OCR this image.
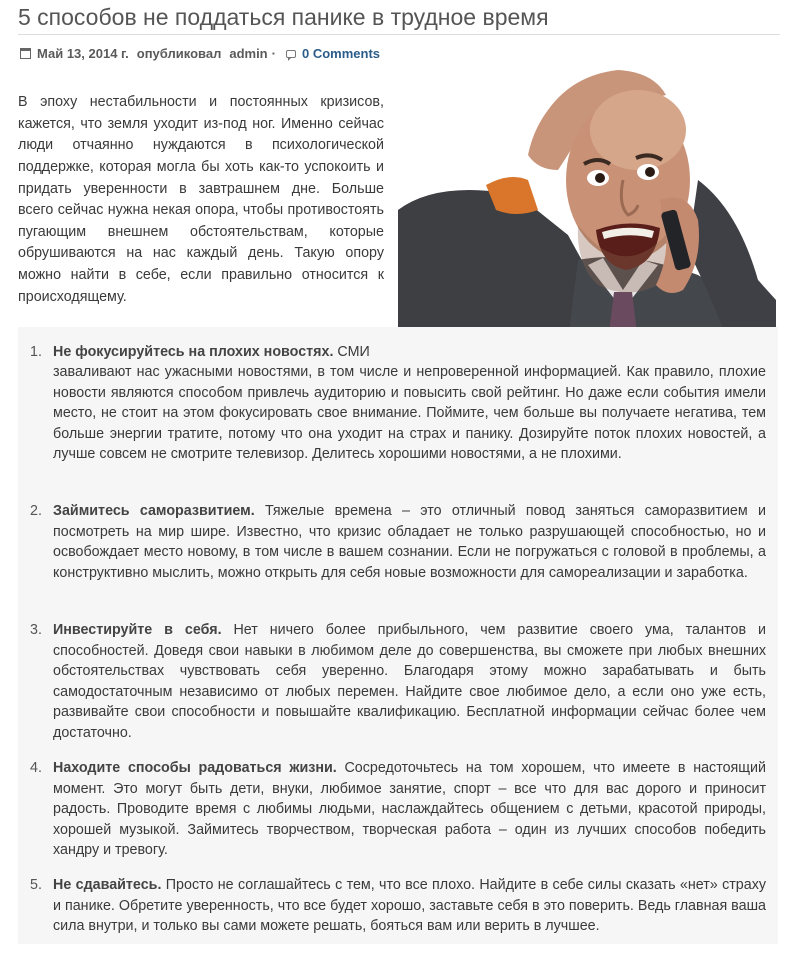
5 способов не поддаться панике в трудное время
Май 13, 2014 г. опубликовал admin · 0 Comments

В эпоху нестабильности и постоянных кризисов, кажется, что земля уходит из-под ног. Именно сейчас люди отчаянно нуждаются в психологической поддержке, которая могла бы хоть как-то успокоить и придать уверенности в завтрашнем дне. Больше всего сейчас нужна некая опора, чтобы противостоять пугающим внешнем обстоятельствам, которые обрушиваются на нас каждый день. Такую опору можно найти в себе, если правильно относится к происходящему.

1. Не фокусируйтесь на плохих новостях. СМИ
заваливают нас ужасными новостями, в том числе и непроверенной информацией. Как правило, плохие новости являются способом привлечь аудиторию и повысить свой рейтинг. Но даже если события имели место, не стоит на этом фокусировать свое внимание. Поймите, чем больше вы получаете негатива, тем больше энергии тратите, потому что она уходит на страх и панику. Дозируйте поток плохих новостей, а лучше совсем не смотрите телевизор. Делитесь хорошими новостями, а не плохими.
2. Займитесь саморазвитием. Тяжелые времена – это отличный повод заняться саморазвитием и посмотреть на мир шире. Известно, что кризис обладает не только разрушающей способностью, но и освобождает место новому, в том числе в вашем сознании. Если не погружаться с головой в проблемы, а конструктивно мыслить, можно открыть для себя новые возможности для самореализации и заработка.
3. Инвестируйте в себя. Нет ничего более прибыльного, чем развитие своего ума, талантов и способностей. Доведя свои навыки в любимом деле до совершенства, вы сможете при любых внешних обстоятельствах чувствовать себя уверенно. Благодаря этому можно зарабатывать и быть самодостаточным независимо от любых перемен. Найдите свое любимое дело, а если оно уже есть, развивайте свои способности и повышайте квалификацию. Бесплатной информации сейчас более чем достаточно.
4. Находите способы радоваться жизни. Сосредоточьтесь на том хорошем, что имеете в настоящий момент. Это могут быть дети, внуки, любимое занятие, спорт – все что для вас дорого и приносит радость. Проводите время с любимы людьми, наслаждайтесь общением с детьми, красотой природы, хорошей музыкой. Займитесь творчеством, творческая работа – один из лучших способов победить хандру и тревогу.
5. Не сдавайтесь. Просто не соглашайтесь с тем, что все плохо. Найдите в себе силы сказать «нет» страху и панике. Обретите уверенность, что все будет хорошо, заставьте себя в это поверить. Ведь главная ваша сила внутри, и только вы сами можете решать, бояться вам или верить в лучшее.
